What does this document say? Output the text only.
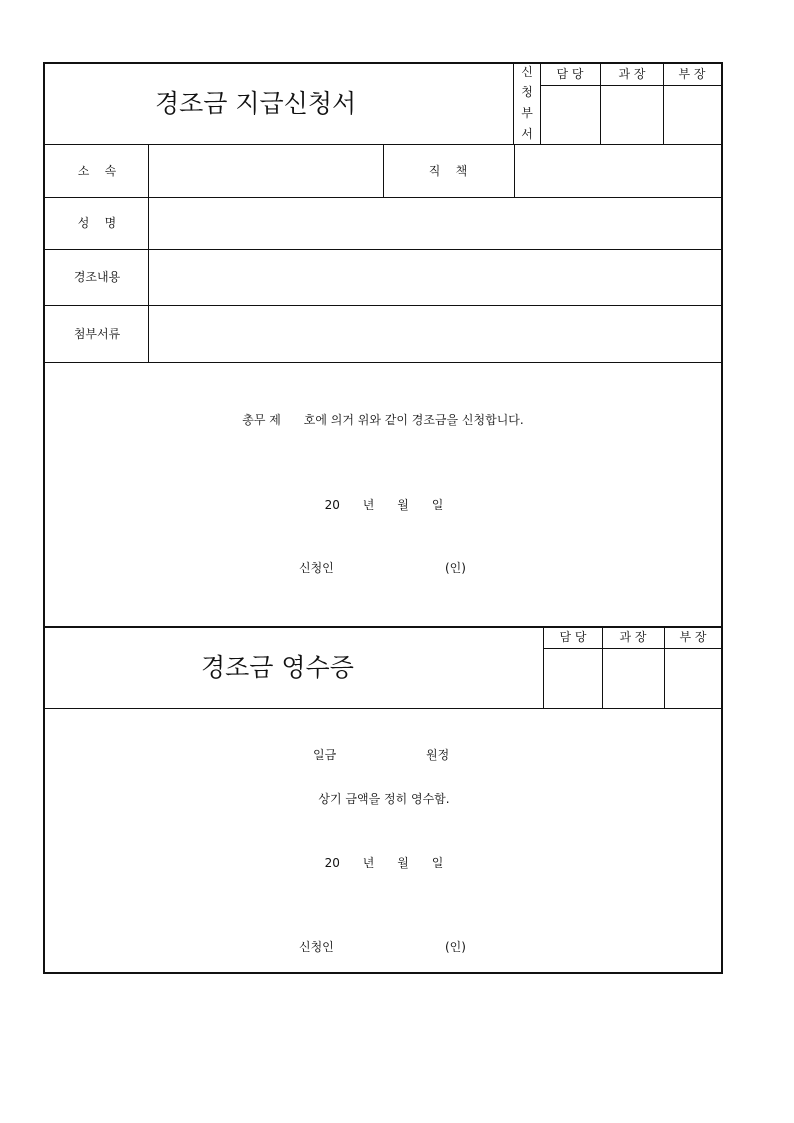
경조금 지급신청서
신
청
부
서
담 당	과 장	부 장
소    속	직    책
성    명
경조내용
첨부서류
총무 제      호에 의거 위와 같이 경조금을 신청합니다.
20      년      월      일
신청인	(인)
경조금 영수증
담 당	과 장	부 장
일금	원정
상기 금액을 정히 영수함.
20      년      월      일
신청인	(인)
